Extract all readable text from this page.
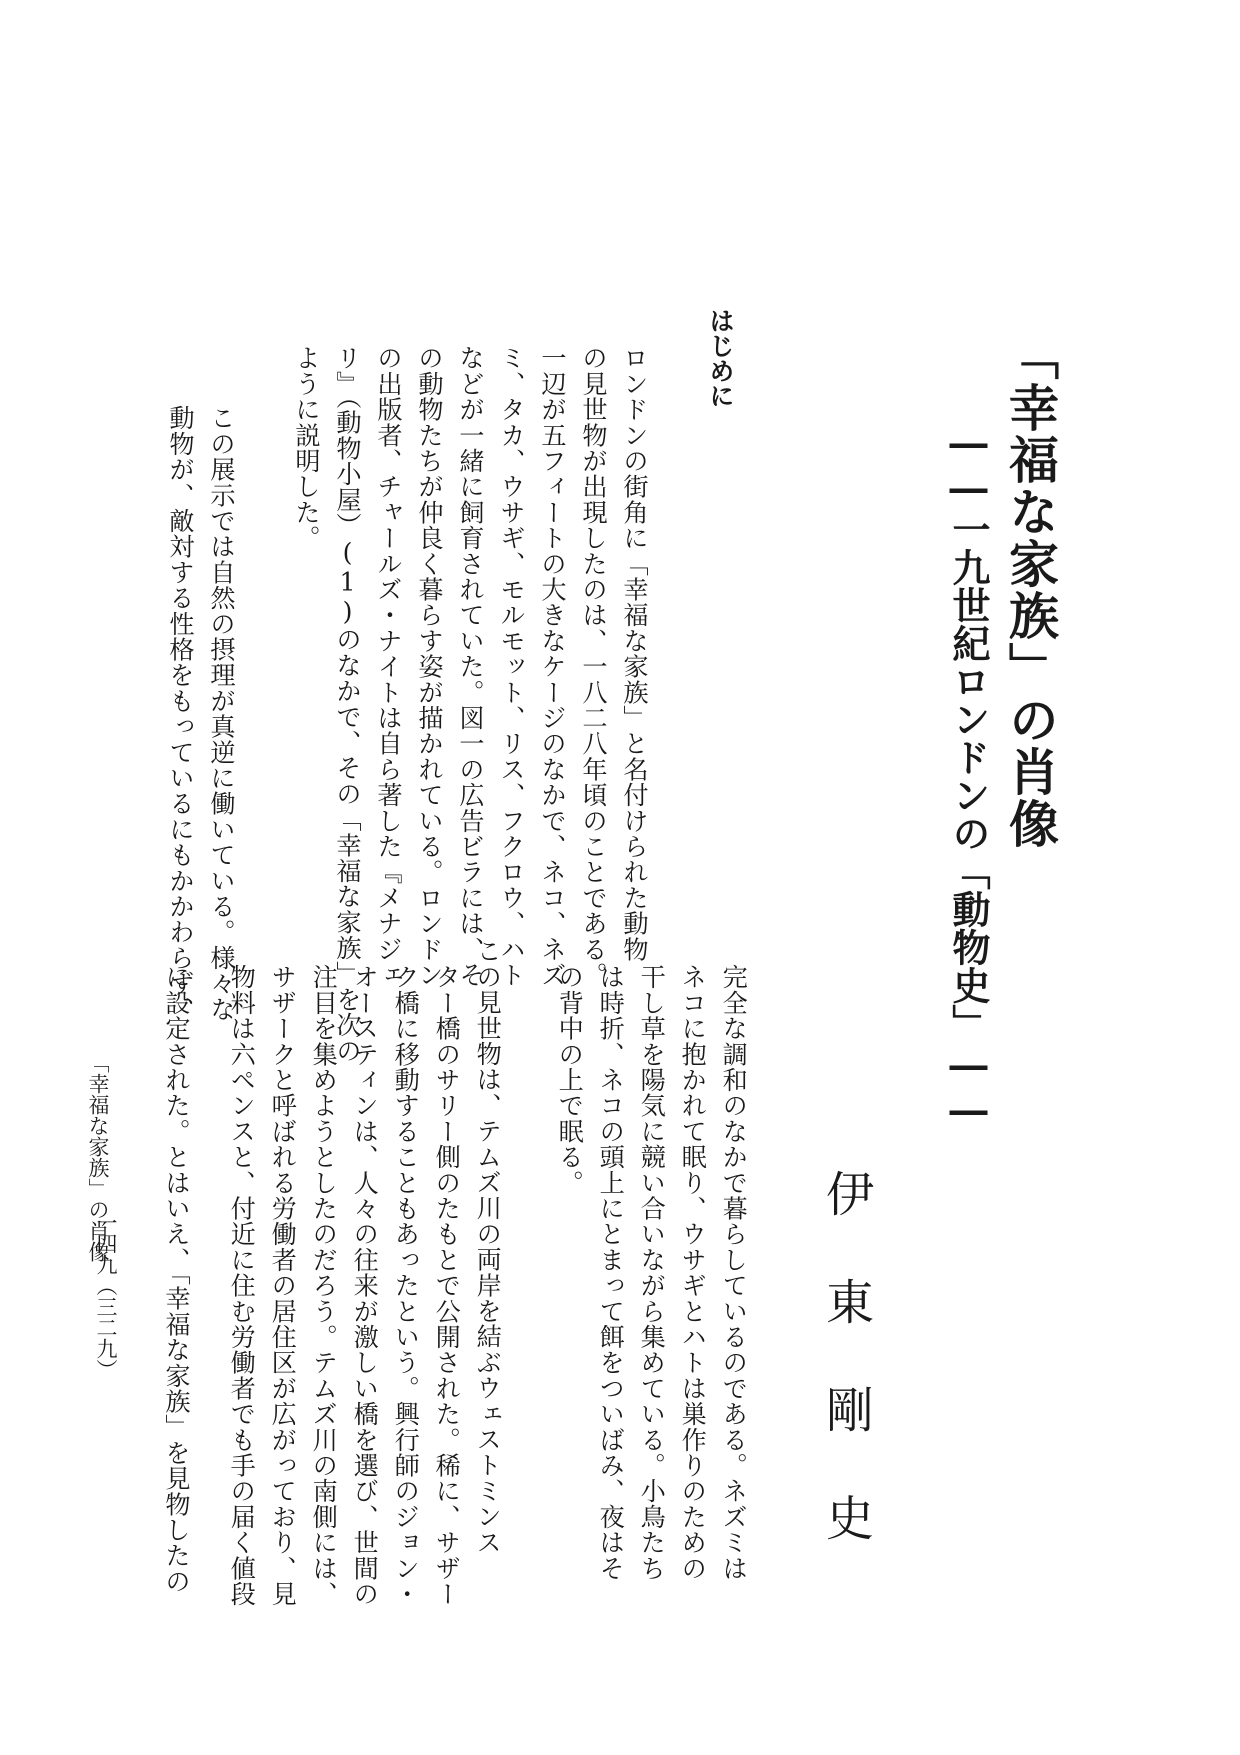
「幸福な家族」の肖像
――一九世紀ロンドンの「動物史」――
伊
東
剛
史
はじめに

ロンドンの街角に「幸福な家族」と名付けられた動物

の見世物が出現したのは、一八二八年頃のことである。

一辺が五フィートの大きなケージのなかで、ネコ、ネズ

ミ、タカ、ウサギ、モルモット、リス、フクロウ、ハト

などが一緒に飼育されていた。図一の広告ビラには、そ

の動物たちが仲良く暮らす姿が描かれている。ロンドン

の出版者、チャールズ・ナイトは自ら著した『メナジェ

リ』（動物小屋）(1)のなかで、その「幸福な家族」を次の

ように説明した。

この展示では自然の摂理が真逆に働いている。様々な

動物が、敵対する性格をもっているにもかかわらず、

に設定された。とはいえ、「幸福な家族」を見物したの 物料は六ペンスと、付近に住む労働者でも手の届く値段 サザークと呼ばれる労働者の居住区が広がっており、見 注目を集めようとしたのだろう。テムズ川の南側には、 オースティンは、人々の往来が激しい橋を選び、世間の ク橋に移動することもあったという。興行師のジョン・ ター橋のサリー側のたもとで公開された。稀に、サザー この見世物は、テムズ川の両岸を結ぶウェストミンス の背中の上で眠る。 は時折、ネコの頭上にとまって餌をついばみ、夜はそ 干し草を陽気に競い合いながら集めている。小鳥たち ネコに抱かれて眠り、ウサギとハトは巣作りのための 完全な調和のなかで暮らしているのである。ネズミは

「幸福な家族」の肖像
一四九（三二九）
